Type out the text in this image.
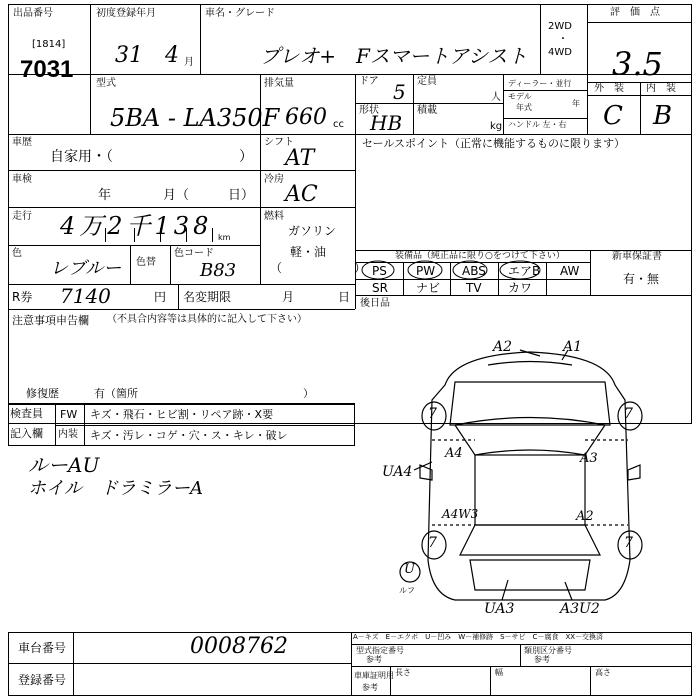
出品番号
[1814]
7031
初度登録年月
31 4 月
車名・グレード
プレオ+　Fスマートアシスト
2WD
・
4WD
評　価　点
3.5
型式
5BA - LA350F
排気量
660 cc
ドア 5
形状
HB
定員
人
積載
kg
ディーラー・並行
モデル
年式	年
ハンドル 左・右
外　装 内　装
C B
車歴
自家用・（　　　　　　　　　）
シフト
AT
車検
年　　　　月（　　　日）
冷房
AC
走行 4万2千138 km
燃料
ガソリン
軽・油
（　　　　　　）
色
レブルー 色替
色コード
B83
R券 7140	円 名変期限	月	日
セールスポイント（正常に機能するものに限ります）
装備品（純正品に限り○をつけて下さい）	新車保証書
有・無
PS PW ABS エアB AW
SR ナビ TV カワ
後日品
注意事項申告欄 （不具合内容等は具体的に記入して下さい）
修復歴	有（箇所　　　　　　　　　　　　　　　）
検査員
記入欄
FW キズ・飛石・ヒビ割・リペア跡・X要
内装 キズ・汚レ・コゲ・穴・ス・キレ・破レ
ルーAU
ホイル　ドラミラーA
A2	A1
UA4
A4	A3
A4W3	A2
7	7
7	7
U
ルフ
UA3	A3U2
車台番号	0008762
登録番号
A－キズ　E－エクボ　U－凹み　W－補修跡　S－サビ　C－腐食　XX－交換済
型式指定番号
参考
類別区分番号
参考
車庫証明用
参考
長さ	幅	高さ
